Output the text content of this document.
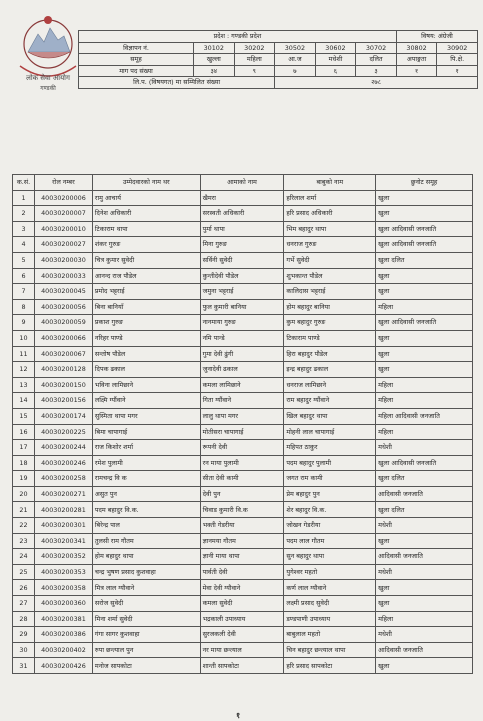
लोक सेवा आयोग
गण्डकी
प्रदेश : गण्डकी प्रदेश						विषय: अंग्रेजी	
विज्ञापन नं.	30102	30202	30502	30602	30702	30802	30902
समूह	खुल्ला	महिला	आ.ज	मधेशी	दलित	अपाङ्गता	पि.क्षे.
माग पद संख्या	३४	९	७	६	३	१	१
लि.प. (विषयगत) मा सम्मिलित संख्या			२७८				
क.सं.	रोल नम्बर	उम्मेदवारको नाम थर	आमाको नाम	बाबुको नाम	छुनोट समूह
1	40030200006	रामु आचार्य	खैमरा	हरिलाल शर्मा	खुला
2	40030200007	दिनेश अधिकारी	सरस्वती अधिकारी	हरि प्रसाद अधिकारी	खुला
3	40030200010	टिकाराम थापा	पुर्मा थापा	भिम बहादुर थापा	खुला आदिवासी जनजाति
4	40030200027	शंकर गुरुङ	मिना गुरुङ	धनराज गुरुङ	खुला आदिवासी जनजाति
5	40030200030	चित्र कुमार सुवेदी	सर्विनी सुवेदी	गर्भे सुवेदी	खुला दलित
6	40030200033	आनन्द राज पौडेल	कुन्तीदेवी पौडेल	शुभकान्त पौडेल	खुला
7	40030200045	प्रमोद भट्टराई	जमुना भट्टराई	कालिदास भट्टराई	खुला
8	40030200056	बिना बानियाँ	फुल कुमारी बानिया	होम बहादुर बानिया	महिला
9	40030200059	प्रकाश गुरुङ	नानमाया गुरुङ	कुम बहादुर गुरुङ	खुला आदिवासी जनजाति
10	40030200066	नरिहर पाण्डे	नमि पान्डे	टिकाराम पाण्डे	खुला
11	40030200067	सन्तोष पौडेल	गुमा देवी ढुंगी	हिरा बहादुर पौडेल	खुला
12	40030200128	दिपक ढकाल	जुनादेवी ढकाल	इन्द्र बहादुर ढकाल	खुला
13	40030200150	भविना लामिछाने	कमला लामिछाने	धनराज लामिछाने	महिला
14	40030200156	लक्ष्मि ग्यौंवाने	गिता ग्यौंवाने	राम बहादुर ग्यौंवाने	महिला
15	40030200174	सुस्मिता थापा मगर	लालु थापा मगर	खिल बहादुर थापा	महिला आदिवासी जनजाति
16	40030200225	बिमा चापागाई	मोतीसरा चापागाई	मोहनी लाल चापागाई	महिला
17	40030200244	राज किशोर शर्मा	रूपनी देवी	महिपत ठाकुर	मधेशी
18	40030200246	रमेश पुलामी	रन माया पुलामी	पदम बहादुर पुलामी	खुला आदिवासी जनजाति
19	40030200258	रामचन्द्र वि क	सीता देवी कामी	जगत राम कामी	खुला दलित
20	40030200271	असुत पुन	देवी पुन	प्रेम बहादुर पुन	आदिवासी जनजाति
21	40030200281	पदम बहादुर वि.क.	चिवाड कुमारी वि.क	शेर बहादुर वि.क.	खुला दलित
22	40030200301	बिरेन्द्र पाल	भक्ती गेडरीया	जोखन गेडरीया	मधेशी
23	40030200341	तुलसी राम गौतम	ज्ञानमया गौतम	पदम लाल गौतम	खुला
24	40030200352	होम बहादुर थापा	ज्ञानी माया थापा	सुन बहादुर थापा	आदिवासी जनजाति
25	40030200353	चन्द्र भुषण प्रसाद कुशवाहा	पार्वती देवी	युगेश्वर महतो	मधेशी
26	40030200358	मित्र लाल ग्यौवाने	मेवा देवी ग्यौवाने	कर्ण लाल ग्यौवाने	खुला
27	40030200360	सरोज सुवेदी	कमला सुवेदी	लक्ष्मी प्रसाद सुवेदी	खुला
28	40030200381	मिना शर्मा सुवेदी	भद्रकाली उपाध्याय	डण्डपाणी उपाध्याय	महिला
29	40030200386	गंगा सागर कुशवाहा	सुरजकली देवी	बाबुलाल महतो	मधेशी
30	40030200402	रुपा छन्त्याल पुन	नर माया छन्त्याल	चिन बहादुर छन्त्याल थापा	आदिवासी जनजाति
31	40030200426	मनोज सापकोटा	शान्ती सापकोटा	हरि प्रसाद सापकोटा	खुला
१
